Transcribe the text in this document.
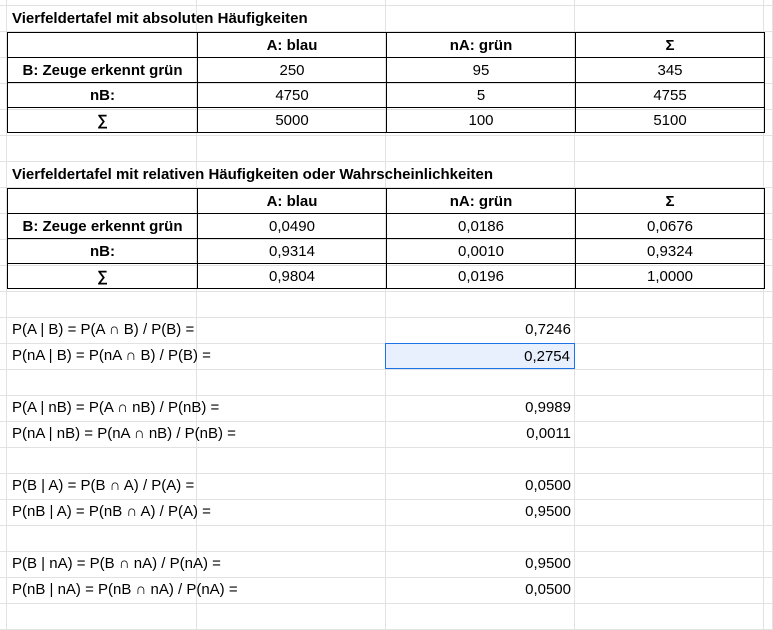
Vierfeldertafel mit absoluten Häufigkeiten
	A: blau	nA: grün	Σ
B: Zeuge erkennt grün	250	95	345
nB:	4750	5	4755
∑	5000	100	5100
Vierfeldertafel mit relativen Häufigkeiten oder Wahrscheinlichkeiten
	A: blau	nA: grün	Σ
B: Zeuge erkennt grün	0,0490	0,0186	0,0676
nB:	0,9314	0,0010	0,9324
∑	0,9804	0,0196	1,0000
P(A | B) = P(A ∩ B) / P(B) =	0,7246
P(nA | B) = P(nA ∩ B) / P(B) =	0,2754
P(A | nB) = P(A ∩ nB) / P(nB) =	0,9989
P(nA | nB) = P(nA ∩ nB) / P(nB) =	0,0011
P(B | A) = P(B ∩ A) / P(A) =	0,0500
P(nB | A) = P(nB ∩ A) / P(A) =	0,9500
P(B | nA) = P(B ∩ nA) / P(nA) =	0,9500
P(nB | nA) = P(nB ∩ nA) / P(nA) =	0,0500
